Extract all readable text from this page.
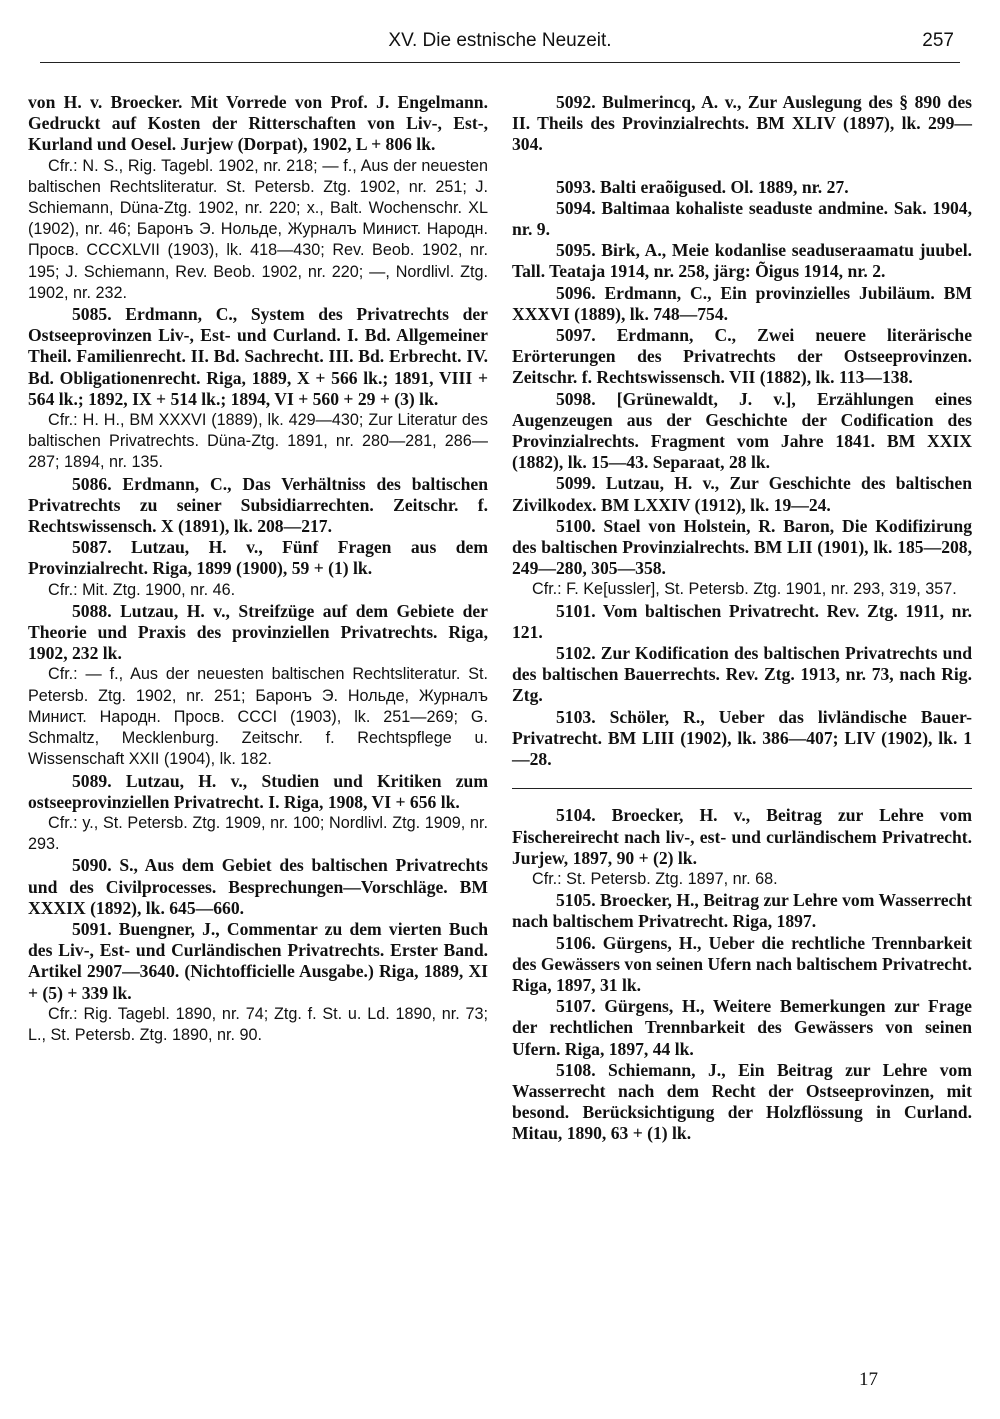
XV. Die estnische Neuzeit.	257

von H. v. Broecker. Mit Vorrede von Prof. J. Engelmann. Gedruckt auf Kosten der Ritterschaften von Liv-, Est-, Kurland und Oesel. Jurjew (Dorpat), 1902, L + 806 lk.

Cfr.: N. S., Rig. Tagebl. 1902, nr. 218; — f., Aus der neuesten baltischen Rechtsliteratur. St. Petersb. Ztg. 1902, nr. 251; J. Schiemann, Düna-Ztg. 1902, nr. 220; x., Balt. Wochenschr. XL (1902), nr. 46; Баронъ Э. Нольде, Журналъ Минист. Народн. Просв. CCCXLVII (1903), lk. 418—430; Rev. Beob. 1902, nr. 195; J. Schiemann, Rev. Beob. 1902, nr. 220; —, Nordlivl. Ztg. 1902, nr. 232.

5085. Erdmann, C., System des Privatrechts der Ostseeprovinzen Liv-, Est- und Curland. I. Bd. Allgemeiner Theil. Familienrecht. II. Bd. Sachrecht. III. Bd. Erbrecht. IV. Bd. Obligationenrecht. Riga, 1889, X + 566 lk.; 1891, VIII + 564 lk.; 1892, IX + 514 lk.; 1894, VI + 560 + 29 + (3) lk.

Cfr.: H. H., BM XXXVI (1889), lk. 429—430; Zur Literatur des baltischen Privatrechts. Düna-Ztg. 1891, nr. 280—281, 286—287; 1894, nr. 135.

5086. Erdmann, C., Das Verhältniss des baltischen Privatrechts zu seiner Subsidiarrechten. Zeitschr. f. Rechtswissensch. X (1891), lk. 208—217.

5087. Lutzau, H. v., Fünf Fragen aus dem Provinzialrecht. Riga, 1899 (1900), 59 + (1) lk.

Cfr.: Mit. Ztg. 1900, nr. 46.

5088. Lutzau, H. v., Streifzüge auf dem Gebiete der Theorie und Praxis des provinziellen Privatrechts. Riga, 1902, 232 lk.

Cfr.: — f., Aus der neuesten baltischen Rechtsliteratur. St. Petersb. Ztg. 1902, nr. 251; Баронъ Э. Нольде, Журналъ Минист. Народн. Просв. CCCI (1903), lk. 251—269; G. Schmaltz, Mecklenburg. Zeitschr. f. Rechtspflege u. Wissenschaft XXII (1904), lk. 182.

5089. Lutzau, H. v., Studien und Kritiken zum ostseeprovinziellen Privatrecht. I. Riga, 1908, VI + 656 lk.

Cfr.: y., St. Petersb. Ztg. 1909, nr. 100; Nordlivl. Ztg. 1909, nr. 293.

5090. S., Aus dem Gebiet des baltischen Privatrechts und des Civilprocesses. Besprechungen—Vorschläge. BM XXXIX (1892), lk. 645—660.

5091. Buengner, J., Commentar zu dem vierten Buch des Liv-, Est- und Curländischen Privatrechts. Erster Band. Artikel 2907—3640. (Nichtofficielle Ausgabe.) Riga, 1889, XI + (5) + 339 lk.

Cfr.: Rig. Tagebl. 1890, nr. 74; Ztg. f. St. u. Ld. 1890, nr. 73; L., St. Petersb. Ztg. 1890, nr. 90.

5092. Bulmerincq, A. v., Zur Auslegung des § 890 des II. Theils des Provinzialrechts. BM XLIV (1897), lk. 299—304.

5093. Balti eraõigused. Ol. 1889, nr. 27.

5094. Baltimaa kohaliste seaduste andmine. Sak. 1904, nr. 9.

5095. Birk, A., Meie kodanlise seaduseraamatu juubel. Tall. Teataja 1914, nr. 258, järg: Õigus 1914, nr. 2.

5096. Erdmann, C., Ein provinzielles Jubiläum. BM XXXVI (1889), lk. 748—754.

5097. Erdmann, C., Zwei neuere literärische Erörterungen des Privatrechts der Ostseeprovinzen. Zeitschr. f. Rechtswissensch. VII (1882), lk. 113—138.

5098. [Grünewaldt, J. v.], Erzählungen eines Augenzeugen aus der Geschichte der Codification des Provinzialrechts. Fragment vom Jahre 1841. BM XXIX (1882), lk. 15—43. Separaat, 28 lk.

5099. Lutzau, H. v., Zur Geschichte des baltischen Zivilkodex. BM LXXIV (1912), lk. 19—24.

5100. Stael von Holstein, R. Baron, Die Kodifizirung des baltischen Provinzialrechts. BM LII (1901), lk. 185—208, 249—280, 305—358.

Cfr.: F. Ke[ussler], St. Petersb. Ztg. 1901, nr. 293, 319, 357.

5101. Vom baltischen Privatrecht. Rev. Ztg. 1911, nr. 121.

5102. Zur Kodification des baltischen Privatrechts und des baltischen Bauerrechts. Rev. Ztg. 1913, nr. 73, nach Rig. Ztg.

5103. Schöler, R., Ueber das livländische Bauer-Privatrecht. BM LIII (1902), lk. 386—407; LIV (1902), lk. 1—28.

5104. Broecker, H. v., Beitrag zur Lehre vom Fischereirecht nach liv-, est- und curländischem Privatrecht. Jurjew, 1897, 90 + (2) lk.

Cfr.: St. Petersb. Ztg. 1897, nr. 68.

5105. Broecker, H., Beitrag zur Lehre vom Wasserrecht nach baltischem Privatrecht. Riga, 1897.

5106. Gürgens, H., Ueber die rechtliche Trennbarkeit des Gewässers von seinen Ufern nach baltischem Privatrecht. Riga, 1897, 31 lk.

5107. Gürgens, H., Weitere Bemerkungen zur Frage der rechtlichen Trennbarkeit des Gewässers von seinen Ufern. Riga, 1897, 44 lk.

5108. Schiemann, J., Ein Beitrag zur Lehre vom Wasserrecht nach dem Recht der Ostseeprovinzen, mit besond. Berücksichtigung der Holzflössung in Curland. Mitau, 1890, 63 + (1) lk.

17
